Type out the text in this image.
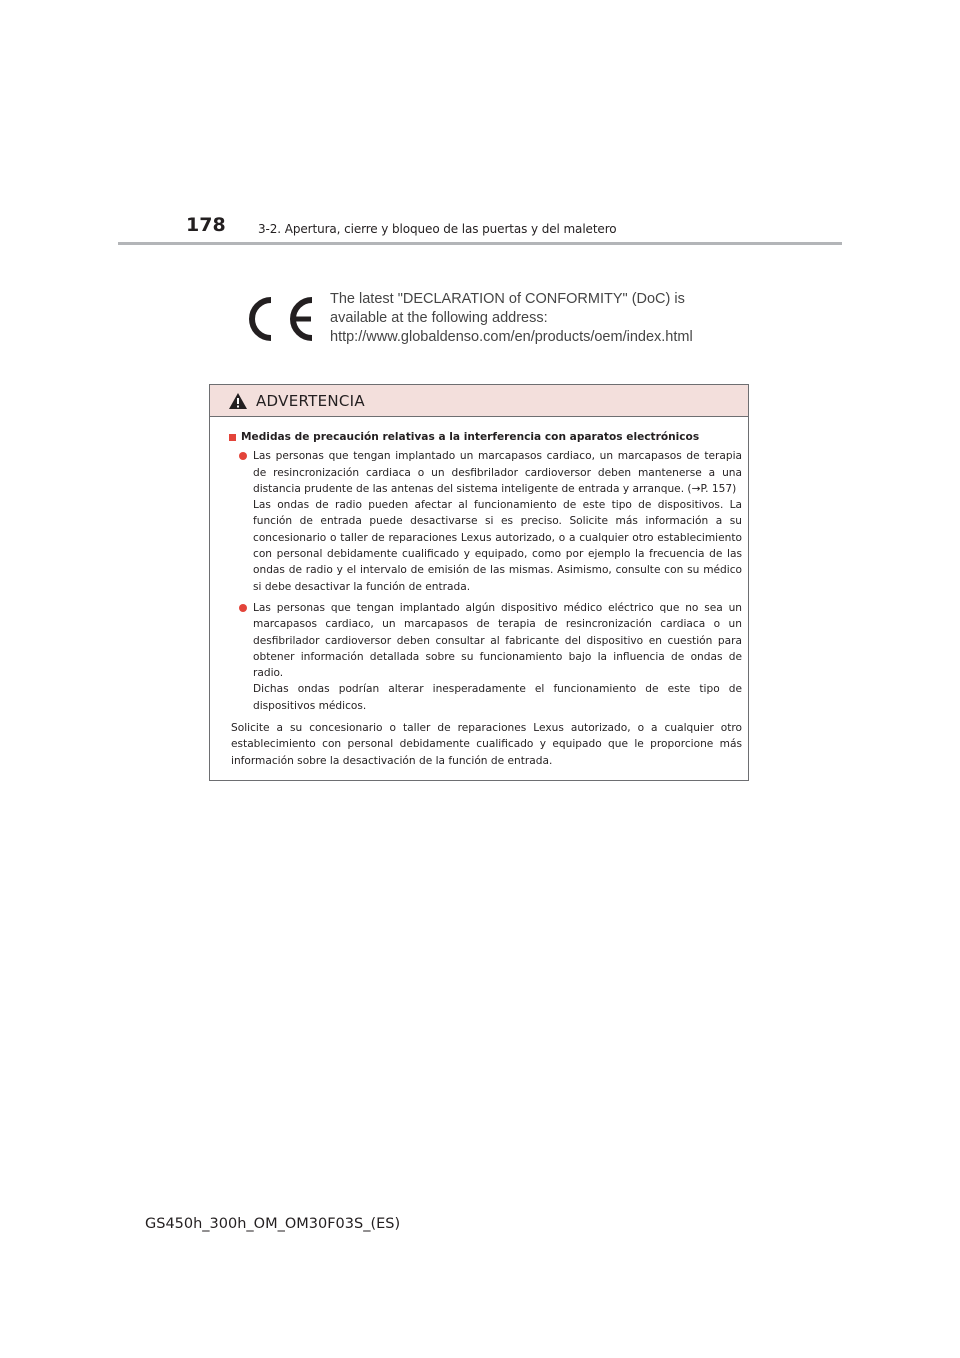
178	3-2. Apertura, cierre y bloqueo de las puertas y del maletero
The latest "DECLARATION of CONFORMITY" (DoC) is
available at the following address:
http://www.globaldenso.com/en/products/oem/index.html
ADVERTENCIA
Medidas de precaución relativas a la interferencia con aparatos electrónicos

Las personas que tengan implantado un marcapasos cardiaco, un marcapasos de terapia de resincronización cardiaca o un desfibrilador cardioversor deben mantenerse a una distancia prudente de las antenas del sistema inteligente de entrada y arranque. (→P. 157)

Las ondas de radio pueden afectar al funcionamiento de este tipo de dispositivos. La función de entrada puede desactivarse si es preciso. Solicite más información a su concesionario o taller de reparaciones Lexus autorizado, o a cualquier otro establecimiento con personal debidamente cualificado y equipado, como por ejemplo la frecuencia de las ondas de radio y el intervalo de emisión de las mismas. Asimismo, consulte con su médico si debe desactivar la función de entrada.

Las personas que tengan implantado algún dispositivo médico eléctrico que no sea un marcapasos cardiaco, un marcapasos de terapia de resincronización cardiaca o un desfibrilador cardioversor deben consultar al fabricante del dispositivo en cuestión para obtener información detallada sobre su funcionamiento bajo la influencia de ondas de radio.

Dichas ondas podrían alterar inesperadamente el funcionamiento de este tipo de dispositivos médicos.

Solicite a su concesionario o taller de reparaciones Lexus autorizado, o a cualquier otro establecimiento con personal debidamente cualificado y equipado que le proporcione más información sobre la desactivación de la función de entrada.

GS450h_300h_OM_OM30F03S_(ES)
